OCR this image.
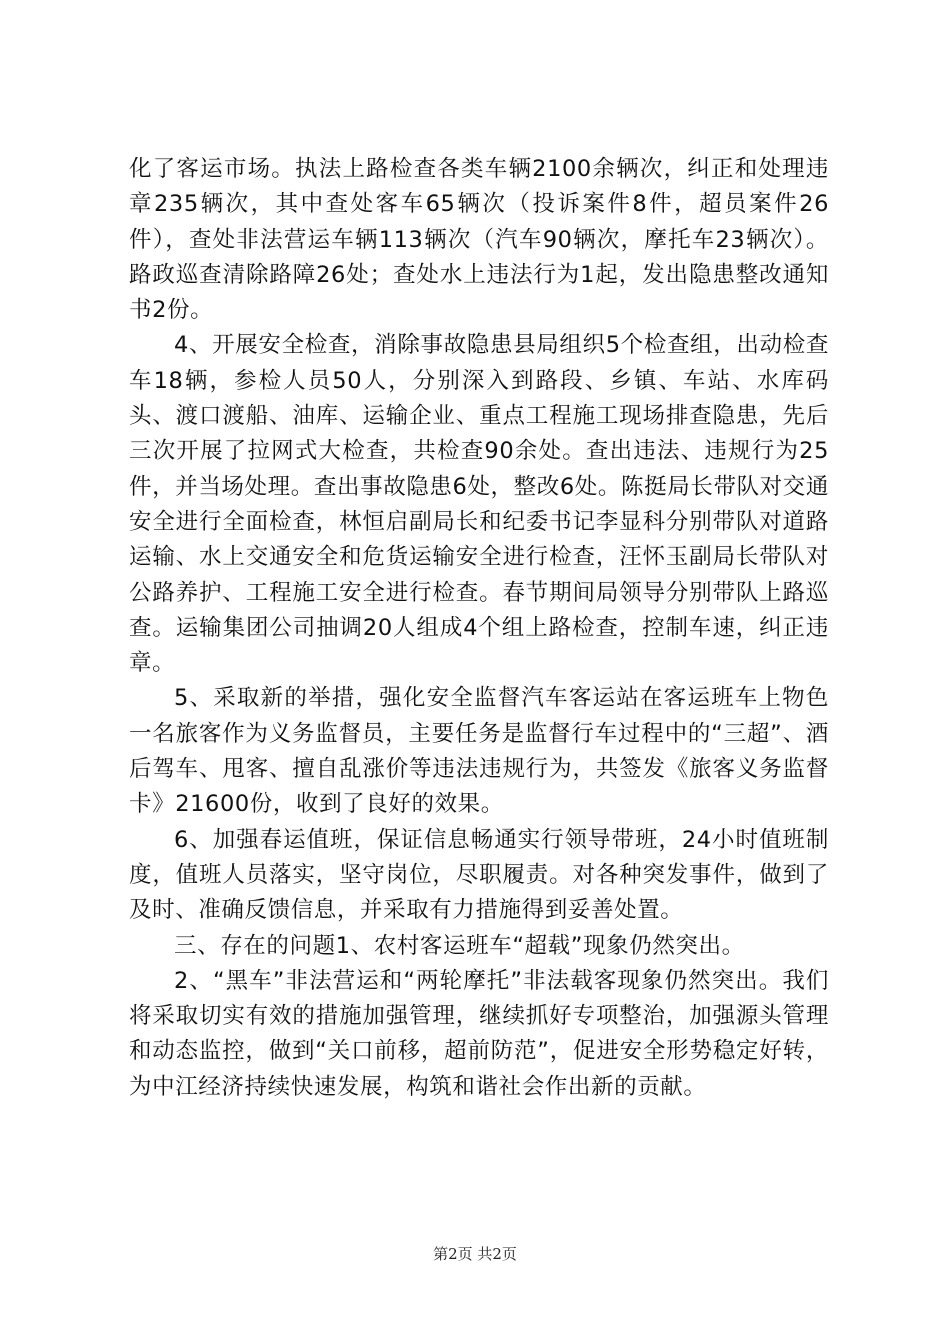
化了客运市场。执法上路检查各类车辆2100余辆次，纠正和处理违章235辆次，其中查处客车65辆次（投诉案件8件，超员案件26件），查处非法营运车辆113辆次（汽车90辆次，摩托车23辆次）。路政巡查清除路障26处；查处水上违法行为1起，发出隐患整改通知书2份。

4、开展安全检查，消除事故隐患县局组织5个检查组，出动检查车18辆，参检人员50人，分别深入到路段、乡镇、车站、水库码头、渡口渡船、油库、运输企业、重点工程施工现场排查隐患，先后三次开展了拉网式大检查，共检查90余处。查出违法、违规行为25件，并当场处理。查出事故隐患6处，整改6处。陈挺局长带队对交通安全进行全面检查，林恒启副局长和纪委书记李显科分别带队对道路运输、水上交通安全和危货运输安全进行检查，汪怀玉副局长带队对公路养护、工程施工安全进行检查。春节期间局领导分别带队上路巡查。运输集团公司抽调20人组成4个组上路检查，控制车速，纠正违章。

5、采取新的举措，强化安全监督汽车客运站在客运班车上物色一名旅客作为义务监督员，主要任务是监督行车过程中的“三超”、酒后驾车、甩客、擅自乱涨价等违法违规行为，共签发《旅客义务监督卡》21600份，收到了良好的效果。

6、加强春运值班，保证信息畅通实行领导带班，24小时值班制度，值班人员落实，坚守岗位，尽职履责。对各种突发事件，做到了及时、准确反馈信息，并采取有力措施得到妥善处置。

三、存在的问题1、农村客运班车“超载”现象仍然突出。

2、“黑车”非法营运和“两轮摩托”非法载客现象仍然突出。我们将采取切实有效的措施加强管理，继续抓好专项整治，加强源头管理和动态监控，做到“关口前移，超前防范”，促进安全形势稳定好转，为中江经济持续快速发展，构筑和谐社会作出新的贡献。

第2页 共2页
